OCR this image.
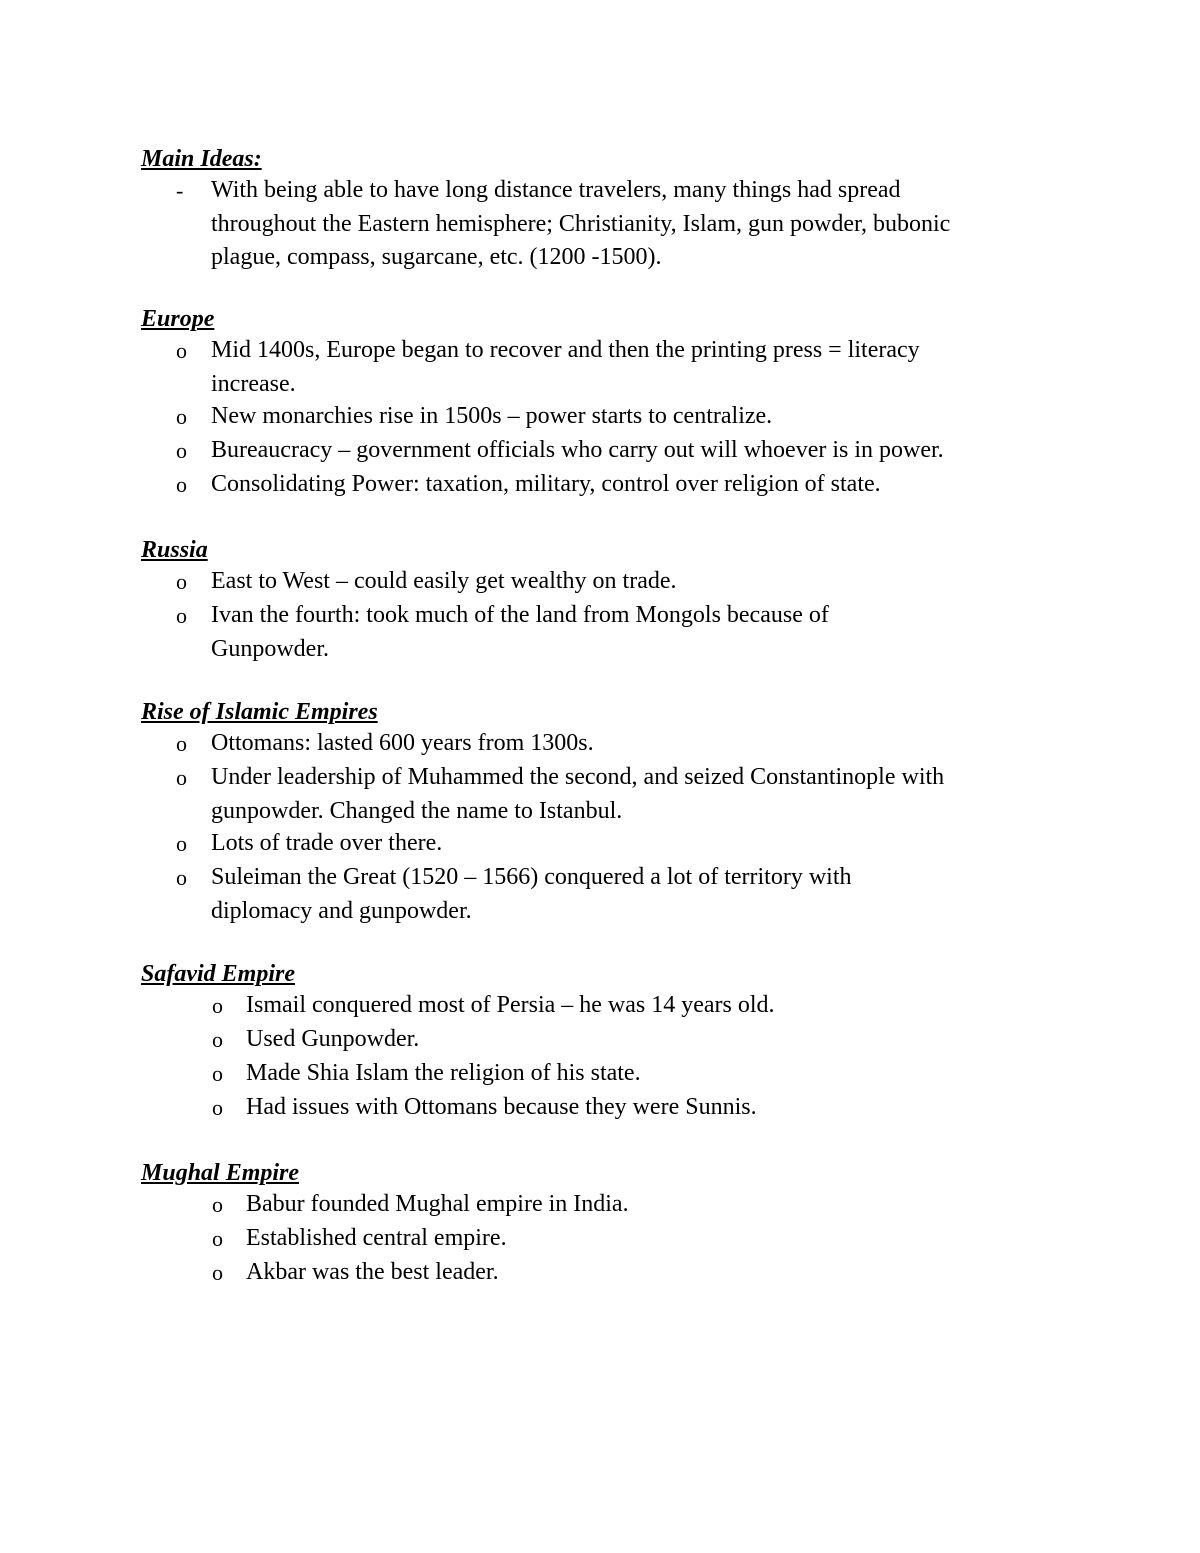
Main Ideas:
- With being able to have long distance travelers, many things had spread
throughout the Eastern hemisphere; Christianity, Islam, gun powder, bubonic
plague, compass, sugarcane, etc. (1200 -1500).
Europe
o Mid 1400s, Europe began to recover and then the printing press = literacy
increase.
o New monarchies rise in 1500s – power starts to centralize.
o Bureaucracy – government officials who carry out will whoever is in power.
o Consolidating Power: taxation, military, control over religion of state.
Russia
o East to West – could easily get wealthy on trade.
o Ivan the fourth: took much of the land from Mongols because of
Gunpowder.
Rise of Islamic Empires
o Ottomans: lasted 600 years from 1300s.
o Under leadership of Muhammed the second, and seized Constantinople with
gunpowder. Changed the name to Istanbul.
o Lots of trade over there.
o Suleiman the Great (1520 – 1566) conquered a lot of territory with
diplomacy and gunpowder.
Safavid Empire
o Ismail conquered most of Persia – he was 14 years old.
o Used Gunpowder.
o Made Shia Islam the religion of his state.
o Had issues with Ottomans because they were Sunnis.
Mughal Empire
o Babur founded Mughal empire in India.
o Established central empire.
o Akbar was the best leader.
